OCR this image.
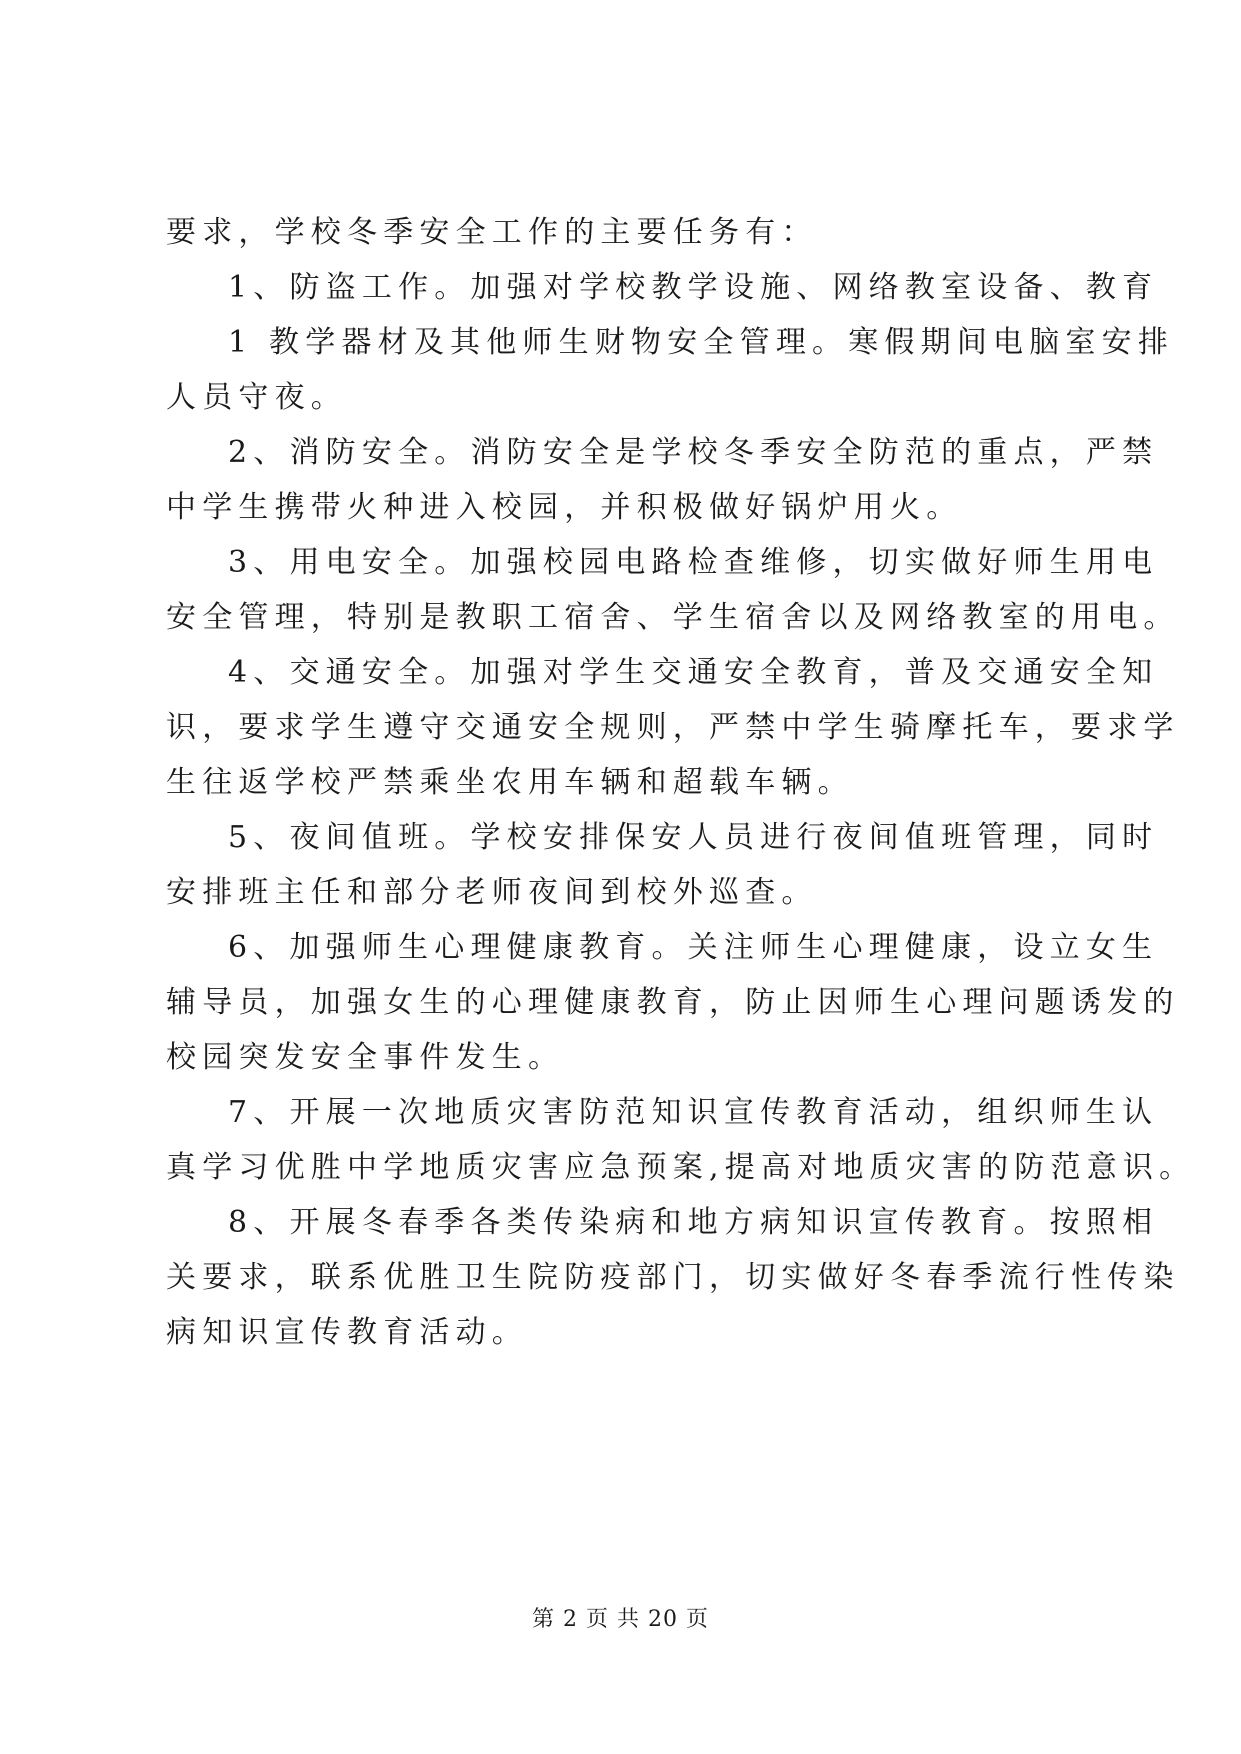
要求，学校冬季安全工作的主要任务有：
1、防盗工作。加强对学校教学设施、网络教室设备、教育
1 教学器材及其他师生财物安全管理。寒假期间电脑室安排
人员守夜。
2、消防安全。消防安全是学校冬季安全防范的重点，严禁
中学生携带火种进入校园，并积极做好锅炉用火。
3、用电安全。加强校园电路检查维修，切实做好师生用电
安全管理，特别是教职工宿舍、学生宿舍以及网络教室的用电。
4、交通安全。加强对学生交通安全教育，普及交通安全知
识，要求学生遵守交通安全规则，严禁中学生骑摩托车，要求学
生往返学校严禁乘坐农用车辆和超载车辆。
5、夜间值班。学校安排保安人员进行夜间值班管理，同时
安排班主任和部分老师夜间到校外巡查。
6、加强师生心理健康教育。关注师生心理健康，设立女生
辅导员，加强女生的心理健康教育，防止因师生心理问题诱发的
校园突发安全事件发生。
7、开展一次地质灾害防范知识宣传教育活动，组织师生认
真学习优胜中学地质灾害应急预案,提高对地质灾害的防范意识。
8、开展冬春季各类传染病和地方病知识宣传教育。按照相
关要求，联系优胜卫生院防疫部门，切实做好冬春季流行性传染
病知识宣传教育活动。
第 2 页 共 20 页
